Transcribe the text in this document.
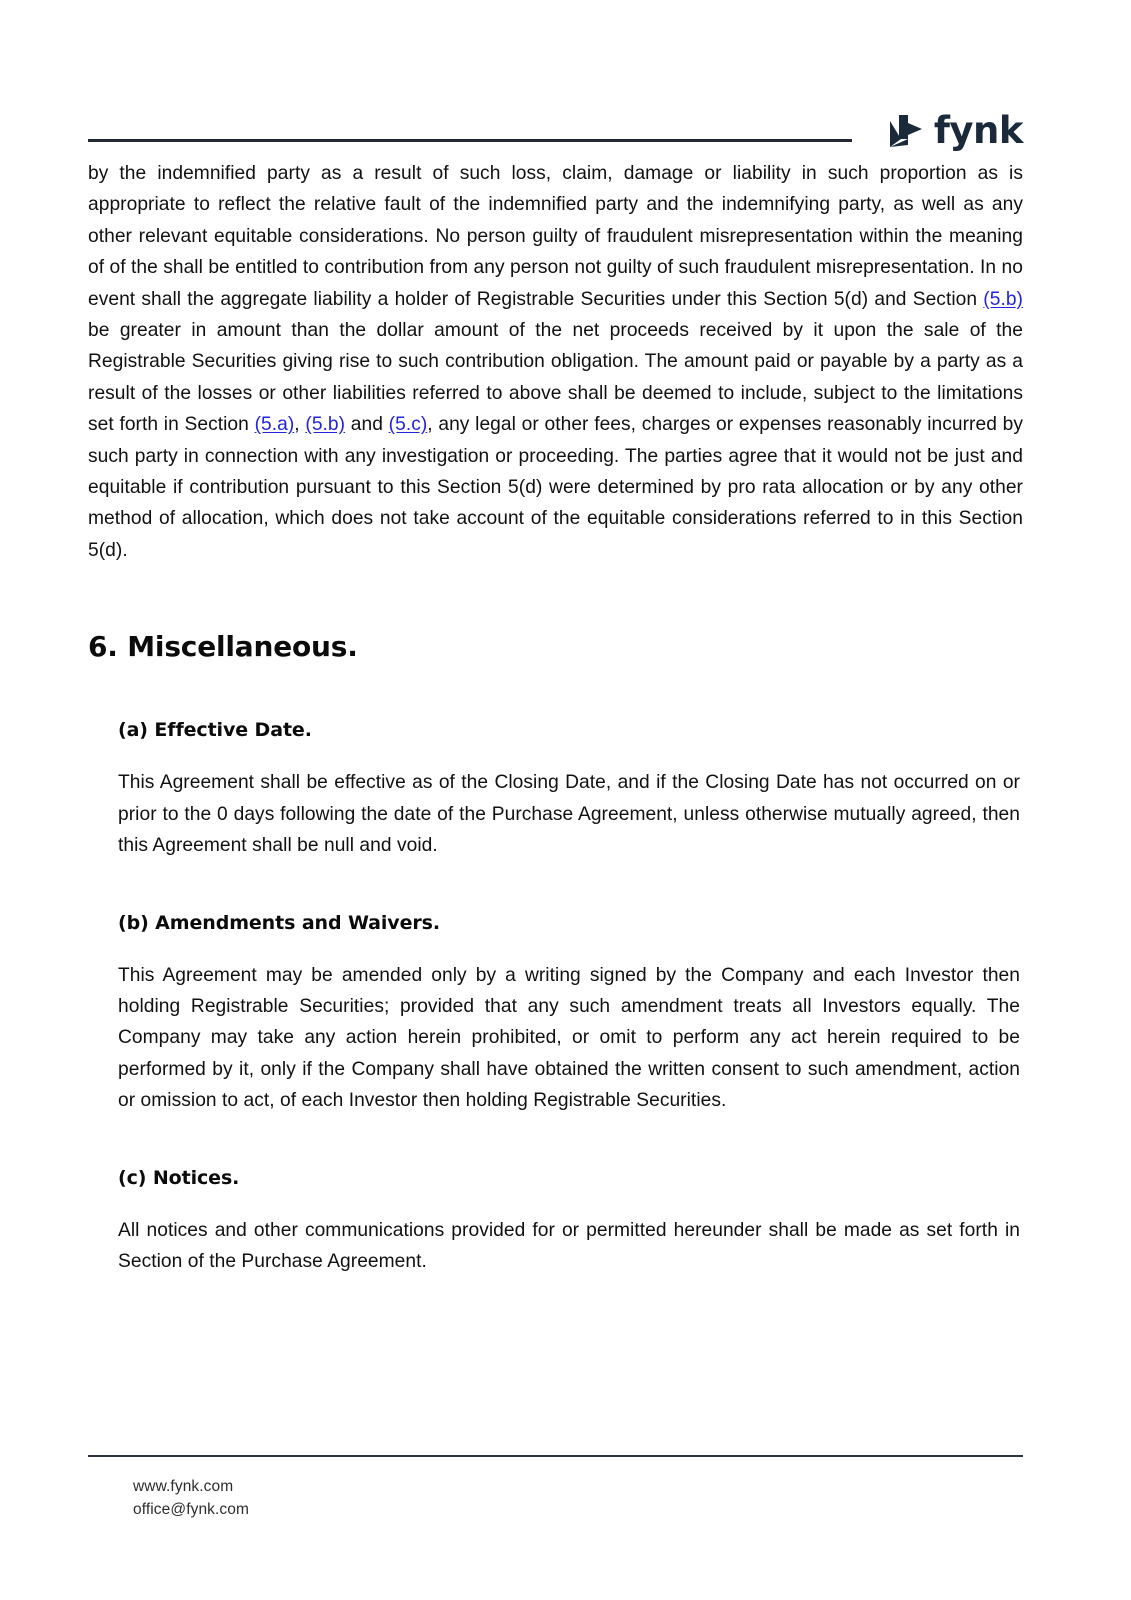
fynk

by the indemnified party as a result of such loss, claim, damage or liability in such proportion as is appropriate to reflect the relative fault of the indemnified party and the indemnifying party, as well as any other relevant equitable considerations. No person guilty of fraudulent misrepresentation within the meaning of of the shall be entitled to contribution from any person not guilty of such fraudulent misrepresentation. In no event shall the aggregate liability a holder of Registrable Securities under this Section 5(d) and Section (5.b) be greater in amount than the dollar amount of the net proceeds received by it upon the sale of the Registrable Securities giving rise to such contribution obligation. The amount paid or payable by a party as a result of the losses or other liabilities referred to above shall be deemed to include, subject to the limitations set forth in Section (5.a), (5.b) and (5.c), any legal or other fees, charges or expenses reasonably incurred by such party in connection with any investigation or proceeding. The parties agree that it would not be just and equitable if contribution pursuant to this Section 5(d) were determined by pro rata allocation or by any other method of allocation, which does not take account of the equitable considerations referred to in this Section 5(d).

6. Miscellaneous.
(a) Effective Date.

This Agreement shall be effective as of the Closing Date, and if the Closing Date has not occurred on or prior to the 0 days following the date of the Purchase Agreement, unless otherwise mutually agreed, then this Agreement shall be null and void.

(b) Amendments and Waivers.

This Agreement may be amended only by a writing signed by the Company and each Investor then holding Registrable Securities; provided that any such amendment treats all Investors equally. The Company may take any action herein prohibited, or omit to perform any act herein required to be performed by it, only if the Company shall have obtained the written consent to such amendment, action or omission to act, of each Investor then holding Registrable Securities.

(c) Notices.

All notices and other communications provided for or permitted hereunder shall be made as set forth in Section of the Purchase Agreement.

www.fynk.com
office@fynk.com
